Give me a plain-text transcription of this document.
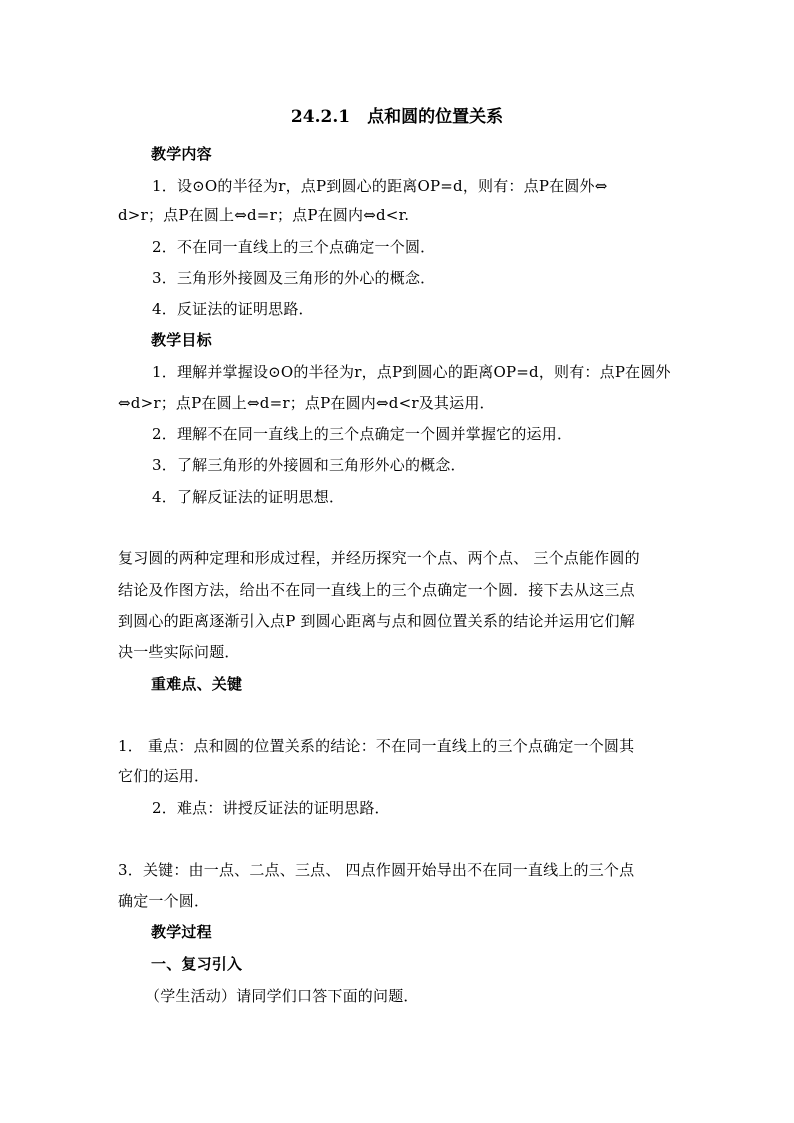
24.2.1　点和圆的位置关系
教学内容
1．设⊙O的半径为r，点P到圆心的距离OP=d，则有：点P在圆外⇔
d>r；点P在圆上⇔d=r；点P在圆内⇔d<r.
2．不在同一直线上的三个点确定一个圆．
3．三角形外接圆及三角形的外心的概念．
4．反证法的证明思路．
教学目标
1．理解并掌握设⊙O的半径为r，点P到圆心的距离OP=d，则有：点P在圆外
⇔d>r；点P在圆上⇔d=r；点P在圆内⇔d<r及其运用．
2．理解不在同一直线上的三个点确定一个圆并掌握它的运用．
3．了解三角形的外接圆和三角形外心的概念．
4．了解反证法的证明思想．
复习圆的两种定理和形成过程，并经历探究一个点、两个点、 三个点能作圆的
结论及作图方法，给出不在同一直线上的三个点确定一个圆．接下去从这三点
到圆心的距离逐渐引入点P 到圆心距离与点和圆位置关系的结论并运用它们解
决一些实际问题．
重难点、关键
1． 重点：点和圆的位置关系的结论：不在同一直线上的三个点确定一个圆其
它们的运用．
2．难点：讲授反证法的证明思路．
3．关键：由一点、二点、三点、 四点作圆开始导出不在同一直线上的三个点
确定一个圆．
教学过程
一、复习引入
（学生活动）请同学们口答下面的问题．
